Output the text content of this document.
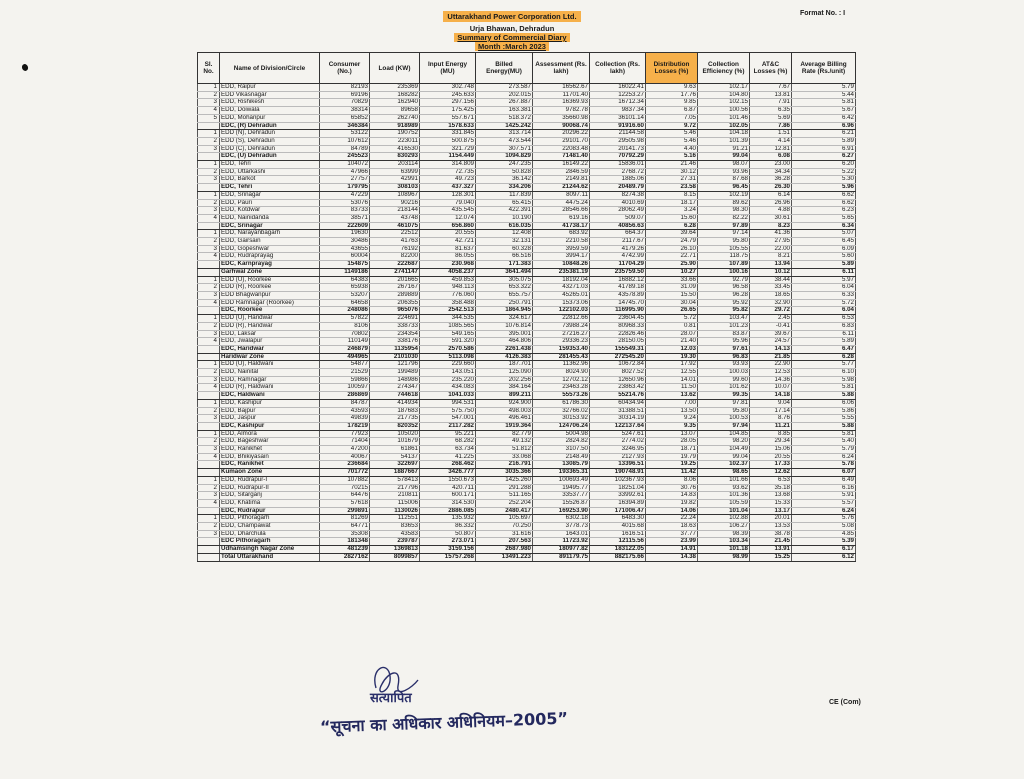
Uttarakhand Power Corporation Ltd.
Urja Bhawan, Dehradun
Summary of Commercial Diary
Month :March 2023
Format No. : I
Sl. No.	Name of Division/Circle	Consumer (No.)	Load (KW)	Input Energy (MU)	Billed Energy(MU)	Assessment (Rs. lakh)	Collection (Rs. lakh)	Distribution Losses (%)	Collection Efficiency (%)	AT&C Losses (%)	Average Billing Rate (Rs./unit)
1	EDD, Raipur	82193	235369	302.748	273.587	16562.67	16022.41	9.63	102.17	7.67	5.79
2	EDD Vikasnagar	69196	168282	245.633	202.015	11701.40	12253.27	17.76	104.80	13.81	5.44
3	EDD, Rishikesh	70829	162940	297.156	267.887	16369.93	16712.34	9.85	102.15	7.91	5.81
4	EDD, Doiwala	38314	89658	175.425	163.381	9782.78	9837.34	6.87	100.56	6.35	5.67
5	EDD, Mohanpur	65852	262740	557.671	518.372	35660.98	36101.14	7.05	101.46	5.69	6.42
	EDC, (R) Dehradun	346384	918989	1578.633	1425.242	90068.74	91916.60	9.72	102.05	7.86	6.96
1	EDD (N), Dehradun	53122	190752	331.845	313.714	20296.22	21144.58	5.46	104.18	1.51	6.21
2	EDD (S), Dehradun	107612	223011	500.875	473.544	29101.70	29505.98	5.46	101.39	4.14	5.89
3	EDD (C), Dehradun	84789	416530	321.729	307.571	22083.48	20141.73	4.40	91.21	12.81	6.91
	EDC, (U) Dehradun	245523	830293	1154.449	1094.829	71481.40	70792.29	5.16	99.04	6.08	6.27
1	EDD, Tehri	104072	203114	314.809	247.235	16149.22	15836.01	21.46	98.07	23.00	6.20
2	EDD, Uttarkashi	47966	63999	72.735	50.828	2846.59	2768.72	30.12	93.96	34.34	5.22
3	EDD, Barkot	27757	42991	49.723	36.142	2149.81	1885.06	27.31	87.68	36.28	5.30
	EDC, Tehri	179795	308103	437.327	334.206	21244.62	20489.79	23.58	96.45	26.30	5.96
1	EDD, Srinagar	47229	108967	128.301	117.839	8097.11	8274.38	8.15	102.19	6.14	6.62
2	EDD, Pauri	53076	90216	79.040	65.415	4475.24	4010.69	18.17	89.62	26.96	6.62
3	EDD, Kotdwar	83733	218144	435.545	422.391	28546.66	28062.49	3.24	98.30	4.88	6.23
4	EDD, Nainidanda	38571	43748	12.074	10.190	619.16	509.07	15.60	82.22	30.61	5.65
	EDC, Srinagar	222609	461075	656.860	616.035	41738.17	40856.63	6.28	97.89	8.23	6.34
1	EDD, Narayanbagarh	19630	22512	20.555	12.408	683.92	664.37	39.64	97.14	41.36	5.07
2	EDD, Gairsain	30486	41763	42.721	32.131	2210.58	2117.67	24.79	95.80	27.95	6.45
3	EDD, Gopeshwar	43655	76192	81.637	60.328	3959.59	4179.26	26.10	105.55	22.00	6.09
4	EDD, Rudraprayag	60004	82200	86.055	66.516	3994.17	4742.99	22.71	118.75	8.21	5.60
	EDC, Karnprayag	154875	222687	230.968	171.383	10848.26	11704.29	25.90	107.89	13.94	5.89
	Garhwal Zone	1149186	2741147	4058.237	3641.494	235381.19	235759.50	10.27	100.16	10.12	6.11
1	EDD (U), Roorkee	64383	201665	459.853	305.075	18192.04	16882.12	33.66	92.79	38.44	5.97
2	EDD (R), Roorkee	65938	267167	948.113	653.322	43271.03	41789.18	31.09	96.58	33.45	6.04
3	EDD Bhagwanpur	53207	289889	776.060	655.757	45265.01	43578.89	15.50	96.28	18.65	6.33
4	EDD Ramnagar (Roorkee)	64658	206355	358.488	250.791	15373.06	14745.70	30.04	95.92	32.90	5.72
	EDC, Roorkee	248086	965076	2542.513	1864.945	122102.03	116995.90	26.65	95.82	29.72	6.04
1	EDD (U), Haridwar	57822	224691	344.535	324.617	22812.66	23604.45	5.72	103.47	2.45	6.53
2	EDD (R), Haridwar	8106	338733	1085.565	1076.814	73988.24	80968.33	0.81	101.23	-0.41	6.83
3	EDD, Laksar	70802	234354	549.165	395.001	27216.27	22826.46	28.07	83.87	39.67	6.11
4	EDD, Jwalapur	110149	338176	591.320	464.806	29336.23	28150.05	21.40	95.96	24.57	5.89
	EDC, Haridwar	246879	1135954	2570.586	2261.438	159353.40	155549.31	12.03	97.61	14.13	6.47
	Haridwar Zone	494965	2101030	5113.098	4126.383	281455.43	272545.20	19.30	96.83	21.85	6.28
1	EDD (U), Haldwani	54877	121796	229.660	187.701	11362.96	10672.84	17.92	93.93	22.90	5.77
2	EDD, Nainital	21529	199489	143.051	125.090	8024.90	8027.52	12.55	100.03	12.53	6.10
3	EDD, Ramnagar	59866	148986	235.220	202.256	12702.12	12650.96	14.01	99.60	14.36	5.98
4	EDD (R), Haldwani	100597	274347	434.083	384.164	23463.28	23863.42	11.50	101.62	10.07	5.81
	EDC, Haldwani	286869	744618	1041.033	899.211	55573.26	55214.76	13.62	99.35	14.18	5.88
1	EDD, Kashipur	84787	414934	994.531	924.900	61786.30	60434.94	7.00	97.81	9.04	6.06
2	EDD, Bajpur	43593	187683	575.750	498.003	32766.02	31388.51	13.50	95.80	17.14	5.86
3	EDD, Jaspur	49839	217735	547.001	496.461	30153.92	30314.19	9.24	100.53	8.76	5.55
	EDC, Kashipur	178219	820352	2117.282	1919.364	124706.24	122137.64	9.35	97.94	11.21	5.88
1	EDD, Almora	77923	105020	95.221	82.779	5004.98	5247.61	13.07	104.85	8.85	5.81
2	EDD, Bageshwar	71404	101679	68.282	49.132	2824.82	2774.02	28.05	98.20	29.34	5.40
3	EDD, Ranikhet	47200	61861	63.734	51.812	3107.50	3246.95	18.71	104.49	15.06	5.79
4	EDD, Bhikiyasain	40067	54137	41.225	33.068	2148.49	2127.93	19.79	99.04	20.55	6.24
	EDC, Ranikhet	236684	322697	268.462	216.791	13085.79	13396.51	19.25	102.37	17.33	5.78
	Kumaon Zone	701772	1887667	3426.777	3035.366	193365.31	190748.91	11.42	98.65	12.62	6.07
1	EDD, Rudrapur-I	107882	578413	1550.673	1425.260	100693.49	102367.93	8.06	101.66	6.53	6.49
2	EDD, Rudrapur-II	70215	217796	420.711	291.288	19495.77	18251.04	30.76	93.62	35.18	6.16
3	EDD, Sitarganj	64476	210811	600.171	511.165	33537.77	33992.61	14.83	101.36	13.68	5.91
4	EDD, Khatima	57618	115006	314.530	252.204	15526.87	16394.89	19.82	105.59	15.33	5.57
	EDC, Rudrapur	299891	1130026	2886.085	2480.417	169253.90	171006.47	14.06	101.04	13.17	6.24
1	EDD, Pithoragarh	81269	112551	135.932	105.697	6302.18	6483.30	22.24	102.88	20.01	5.76
2	EDD, Champawat	64771	83653	86.332	70.250	3778.73	4015.68	18.63	106.27	13.53	5.08
3	EDD, Dharchula	35308	43583	50.807	31.616	1643.01	1616.51	37.77	98.39	38.78	4.85
	EDC Pithoragarh	181348	239787	273.071	207.563	11723.92	12115.56	23.99	103.34	21.45	5.39
	Udhamsingh Nagar Zone	481239	1369813	3159.156	2687.980	180977.82	183122.05	14.91	101.18	13.91	6.17
	Total Uttarakhand	2827162	8099857	15757.268	13491.223	891179.75	882175.66	14.38	98.99	15.25	6.12
सत्यापित
“सूचना का अधिकार अधिनियम–2005”
CE (Com)
